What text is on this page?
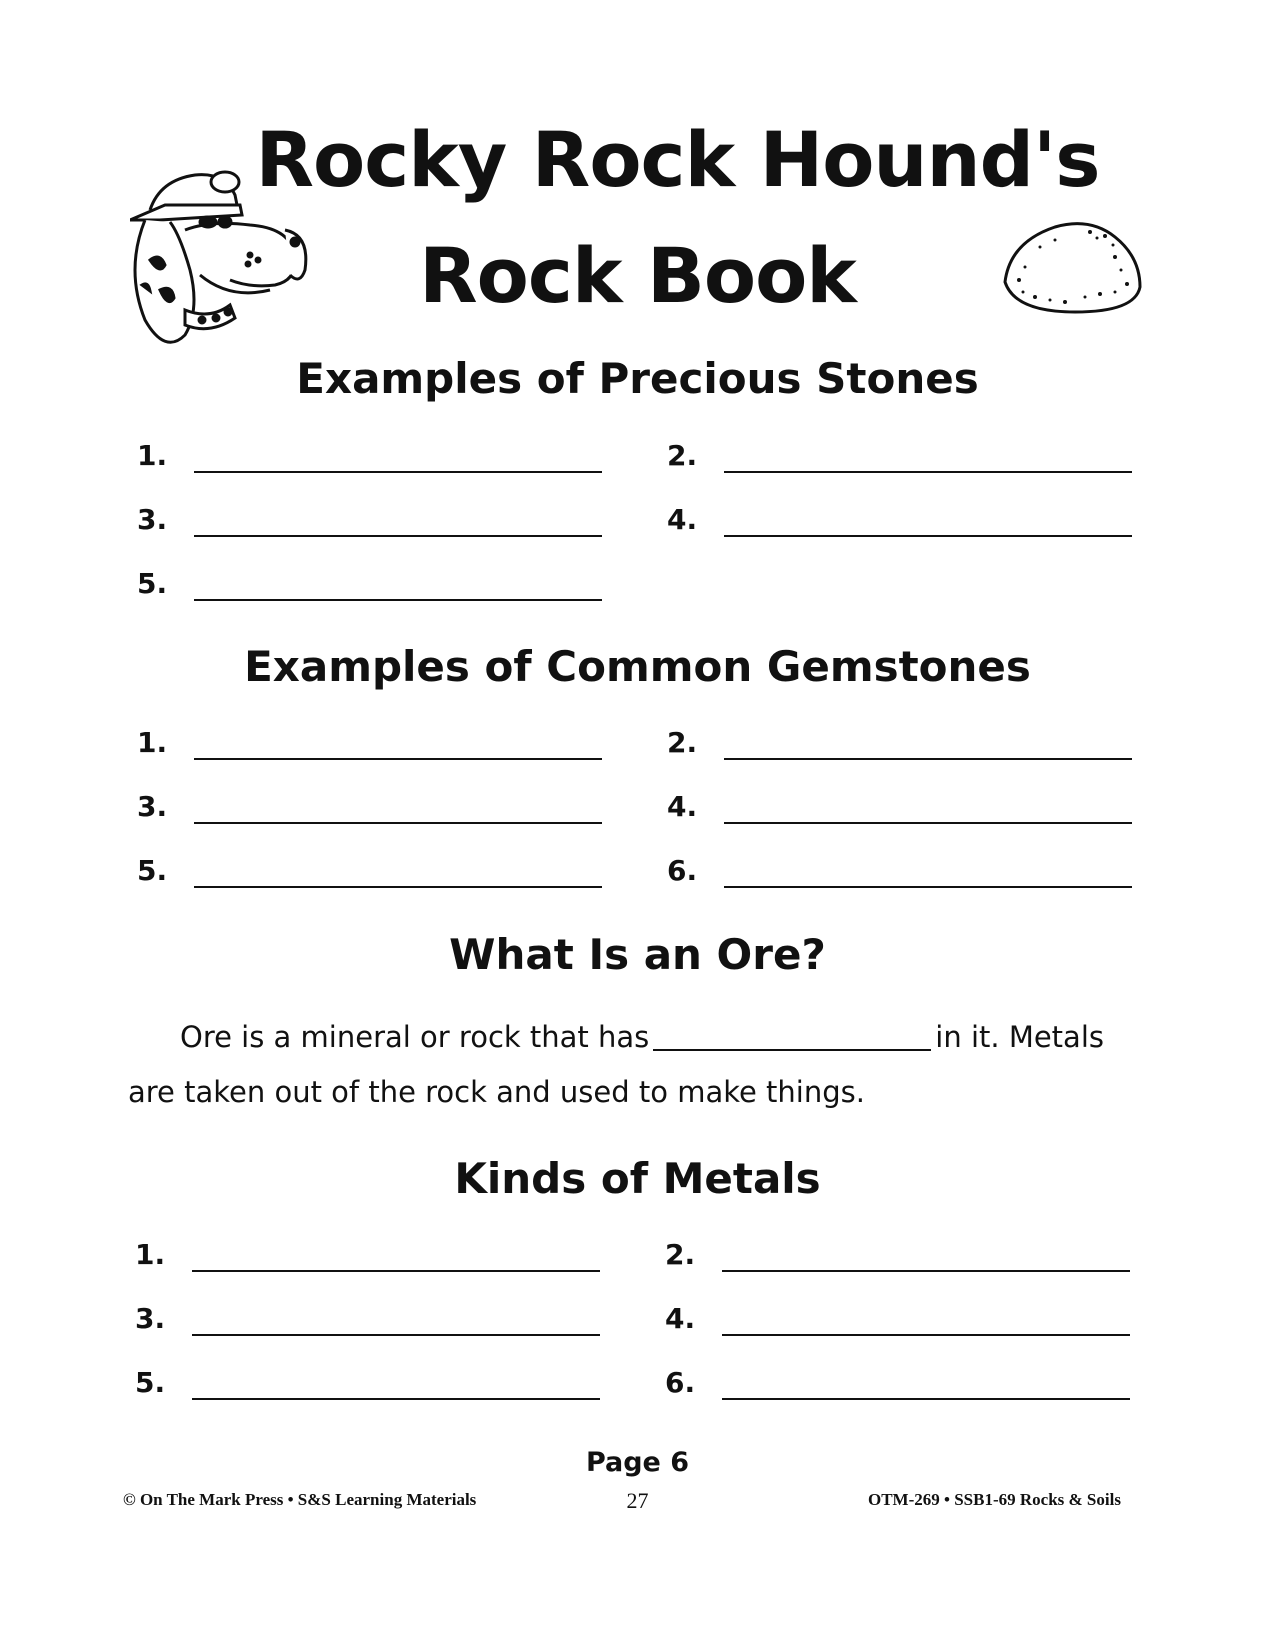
Rocky Rock Hound's
Rock Book
Examples of Precious Stones
1.	2.
3.	4.
5.
Examples of Common Gemstones
1.	2.
3.	4.
5.	6.
What Is an Ore?
Ore is a mineral or rock that has	in it. Metals
are taken out of the rock and used to make things.
Kinds of Metals
1.	2.
3.	4.
5.	6.
Page 6
© On The Mark Press • S&S Learning Materials	27	OTM-269 • SSB1-69 Rocks & Soils
